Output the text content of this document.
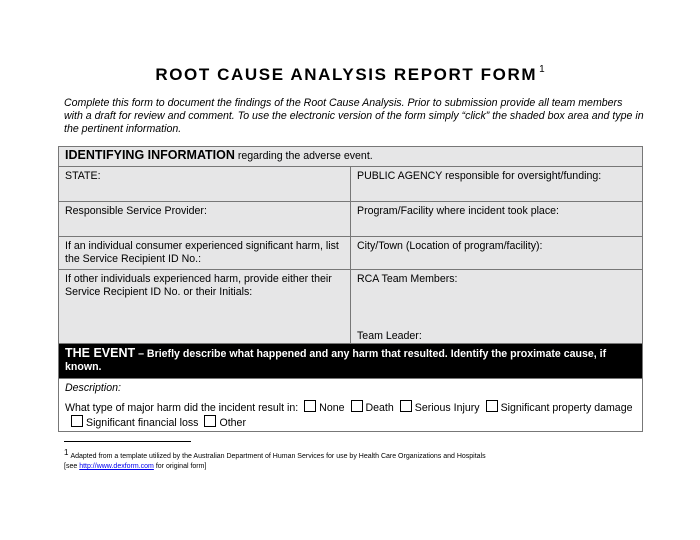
ROOT CAUSE ANALYSIS REPORT FORM $^1$
Complete this form to document the findings of the Root Cause Analysis. Prior to submission provide all team members with a draft for review and comment. To use the electronic version of the form simply “click” the shaded box area and type in the pertinent information.
IDENTIFYING INFORMATION regarding the adverse event.	
STATE:	PUBLIC AGENCY responsible for oversight/funding:
Responsible Service Provider:	Program/Facility where incident took place:
If an individual consumer experienced significant harm, list the Service Recipient ID No.:	City/Town (Location of program/facility):
If other individuals experienced harm, provide either their Service Recipient ID No. or their Initials:	RCA Team Members:
Team Leader:

THE EVENT – Briefly describe what happened and any harm that resulted. Identify the proximate cause, if known.	

Description:
What type of major harm did the incident result in: None Death Serious Injury Significant property damageSignificant financial loss Other	
$^1$ Adapted from a template utilized by the Australian Department of Human Services for use by Health Care Organizations and Hospitals
[see http://www.dexform.com for original form]
